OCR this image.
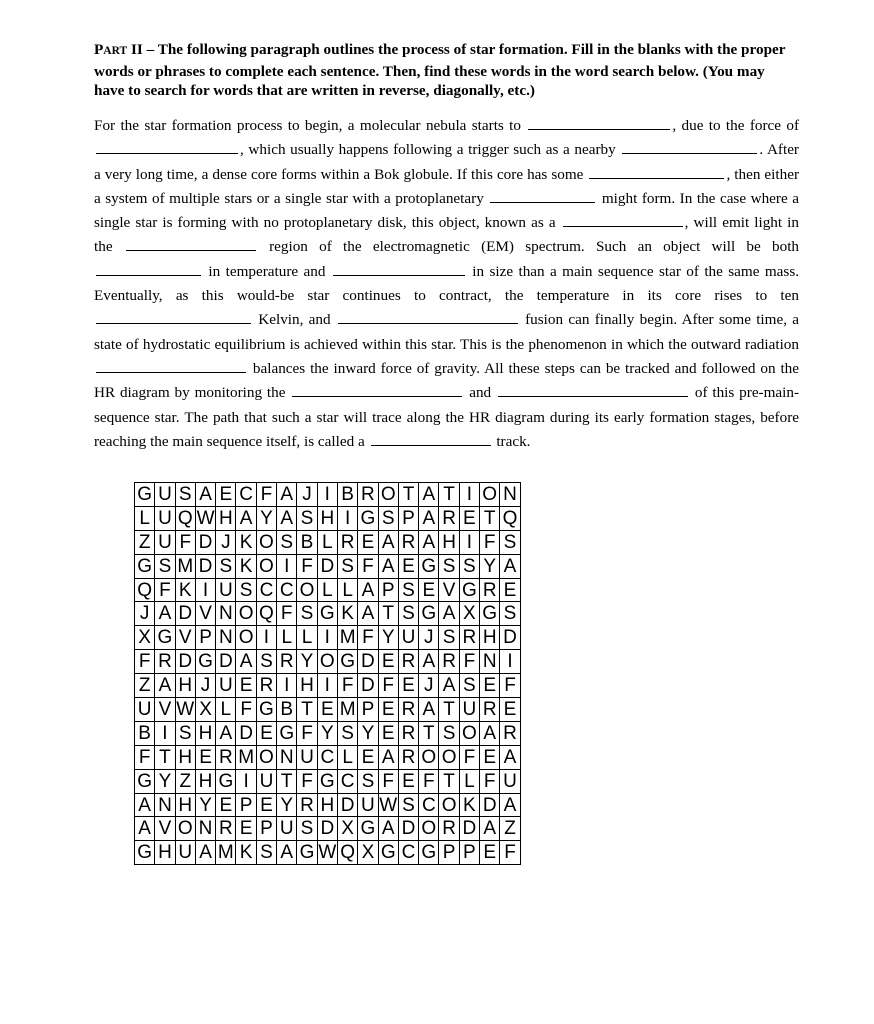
PART II – The following paragraph outlines the process of star formation. Fill in the blanks with the proper words or phrases to complete each sentence. Then, find these words in the word search below. (You may have to search for words that are written in reverse, diagonally, etc.)

For the star formation process to begin, a molecular nebula starts to	, due to the force of , which usually happens following a trigger such as a nearby	. After a very long time, a dense core forms within a Bok globule. If this core has some	, then either a system of multiple stars or a single star with a protoplanetary	might form. In the case where a single star is forming with no protoplanetary disk, this object, known as a	, will emit light in the	region of the electromagnetic (EM) spectrum. Such an object will be both  in temperature and	in size than a main sequence star of the same mass. Eventually, as this would-be star continues to contract, the temperature in its core rises to ten  Kelvin, and	fusion can finally begin. After some time, a state of hydrostatic equilibrium is achieved within this star. This is the phenomenon in which the outward radiation  balances the inward force of gravity. All these steps can be tracked and followed on the HR diagram by monitoring the	and	of this pre-main-sequence star. The path that such a star will trace along the HR diagram during its early formation stages, before reaching the main sequence itself, is called a	track.

G	U	S	A	E	C	F	A	J	I	B	R	O	T	A	T	I	O	N
L	U	Q	W	H	A	Y	A	S	H	I	G	S	P	A	R	E	T	Q
Z	U	F	D	J	K	O	S	B	L	R	E	A	R	A	H	I	F	S
G	S	M	D	S	K	O	I	F	D	S	F	A	E	G	S	S	Y	A
Q	F	K	I	U	S	C	C	O	L	L	A	P	S	E	V	G	R	E
J	A	D	V	N	O	Q	F	S	G	K	A	T	S	G	A	X	G	S
X	G	V	P	N	O	I	L	L	I	M	F	Y	U	J	S	R	H	D
F	R	D	G	D	A	S	R	Y	O	G	D	E	R	A	R	F	N	I
Z	A	H	J	U	E	R	I	H	I	F	D	F	E	J	A	S	E	F
U	V	W	X	L	F	G	B	T	E	M	P	E	R	A	T	U	R	E
B	I	S	H	A	D	E	G	F	Y	S	Y	E	R	T	S	O	A	R
F	T	H	E	R	M	O	N	U	C	L	E	A	R	O	O	F	E	A
G	Y	Z	H	G	I	U	T	F	G	C	S	F	E	F	T	L	F	U
A	N	H	Y	E	P	E	Y	R	H	D	U	W	S	C	O	K	D	A
A	V	O	N	R	E	P	U	S	D	X	G	A	D	O	R	D	A	Z
G	H	U	A	M	K	S	A	G	W	Q	X	G	C	G	P	P	E	F
